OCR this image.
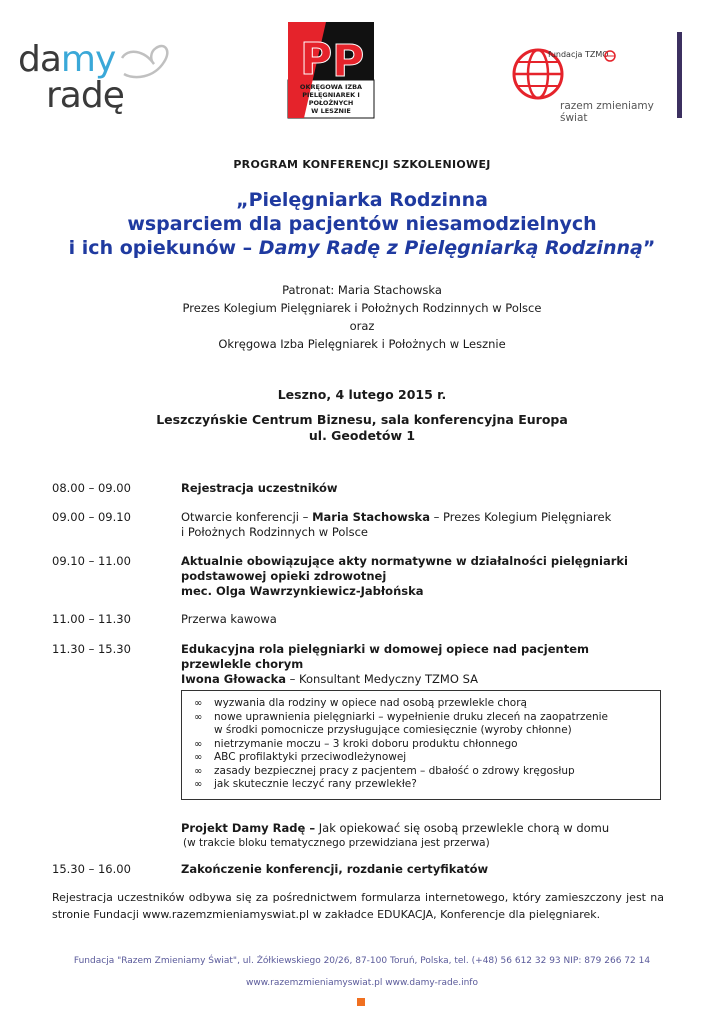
damy
radę
P P
OKRĘGOWA IZBA
PIELĘGNIAREK I POŁOŻNYCH
W LESZNIE
fundacja TZMO
razem zmieniamy świat
PROGRAM KONFERENCJI SZKOLENIOWEJ
„Pielęgniarka Rodzinna
wsparciem dla pacjentów niesamodzielnych
i ich opiekunów – Damy Radę z Pielęgniarką Rodzinną”
Patronat: Maria Stachowska
Prezes Kolegium Pielęgniarek i Położnych Rodzinnych w Polsce
oraz
Okręgowa Izba Pielęgniarek i Położnych w Lesznie
Leszno, 4 lutego 2015 r.
Leszczyńskie Centrum Biznesu, sala konferencyjna Europa
ul. Geodetów 1
08.00 – 09.00	Rejestracja uczestników
09.00 – 09.10	Otwarcie konferencji – Maria Stachowska – Prezes Kolegium Pielęgniarek
i Położnych Rodzinnych w Polsce
09.10 – 11.00	Aktualnie obowiązujące akty normatywne w działalności pielęgniarki
podstawowej opieki zdrowotnej
mec. Olga Wawrzynkiewicz-Jabłońska
11.00 – 11.30	Przerwa kawowa
11.30 – 15.30	Edukacyjna rola pielęgniarki w domowej opiece nad pacjentem
przewlekle chorym
Iwona Głowacka – Konsultant Medyczny TZMO SA
∞ wyzwania dla rodziny w opiece nad osobą przewlekle chorą
∞ nowe uprawnienia pielęgniarki – wypełnienie druku zleceń na zaopatrzenie
w środki pomocnicze przysługujące comiesięcznie (wyroby chłonne)
∞ nietrzymanie moczu – 3 kroki doboru produktu chłonnego
∞ ABC profilaktyki przeciwodleżynowej
∞ zasady bezpiecznej pracy z pacjentem – dbałość o zdrowy kręgosłup
∞ jak skutecznie leczyć rany przewlekłe?
Projekt Damy Radę – Jak opiekować się osobą przewlekle chorą w domu
(w trakcie bloku tematycznego przewidziana jest przerwa)
15.30 – 16.00	Zakończenie konferencji, rozdanie certyfikatów
Rejestracja uczestników odbywa się za pośrednictwem formularza internetowego, który zamieszczony jest na stronie Fundacji www.razemzmieniamyswiat.pl w zakładce EDUKACJA, Konferencje dla pielęgniarek.
Fundacja "Razem Zmieniamy Świat", ul. Żółkiewskiego 20/26, 87-100 Toruń, Polska, tel. (+48) 56 612 32 93 NIP: 879 266 72 14
www.razemzmieniamyswiat.pl www.damy-rade.info
